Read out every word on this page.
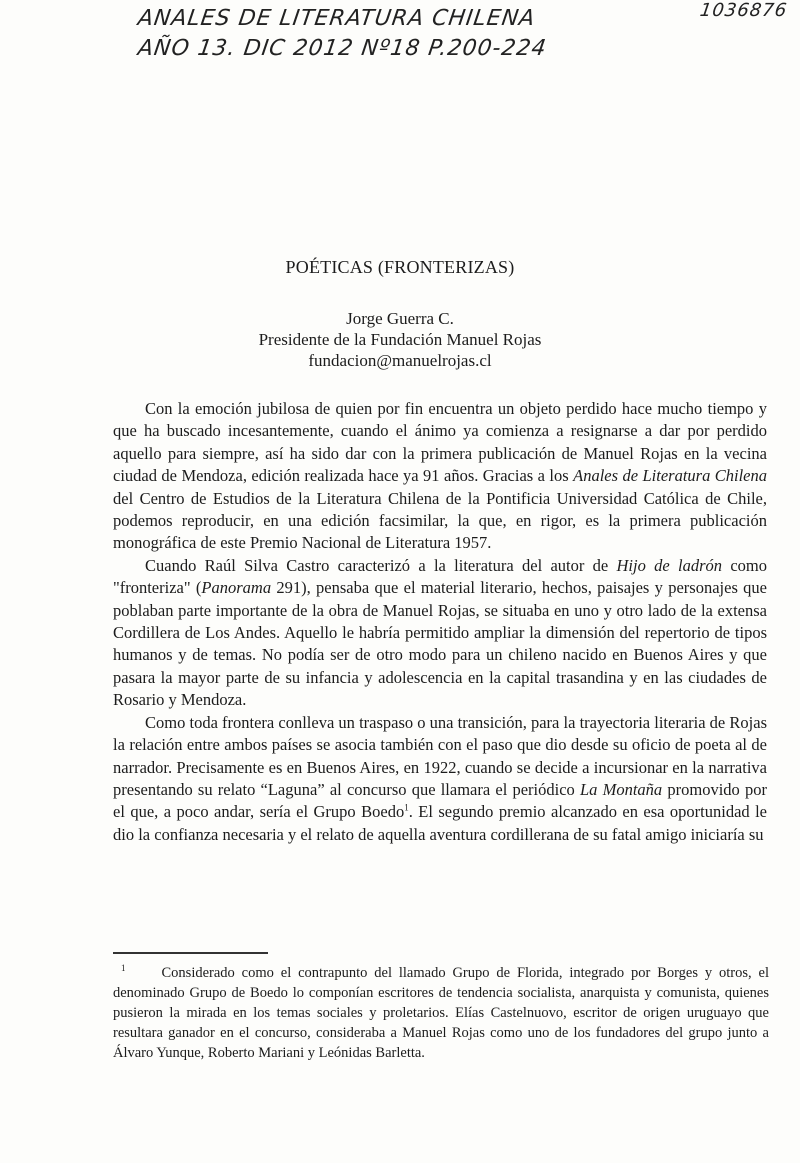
ANALES DE LITERATURA CHILENA
AÑO 13. DIC 2012 Nº18 P.200-224
1036876
POÉTICAS (FRONTERIZAS)
Jorge Guerra C.
Presidente de la Fundación Manuel Rojas
fundacion@manuelrojas.cl

Con la emoción jubilosa de quien por fin encuentra un objeto perdido hace mucho tiempo y que ha buscado incesantemente, cuando el ánimo ya comienza a resignarse a dar por perdido aquello para siempre, así ha sido dar con la primera publicación de Manuel Rojas en la vecina ciudad de Mendoza, edición realizada hace ya 91 años. Gracias a los Anales de Literatura Chilena del Centro de Estudios de la Literatura Chilena de la Pontificia Universidad Católica de Chile, podemos reproducir, en una edición facsimilar, la que, en rigor, es la primera publicación monográfica de este Premio Nacional de Literatura 1957.

Cuando Raúl Silva Castro caracterizó a la literatura del autor de Hijo de ladrón como "fronteriza" (Panorama 291), pensaba que el material literario, hechos, paisajes y personajes que poblaban parte importante de la obra de Manuel Rojas, se situaba en uno y otro lado de la extensa Cordillera de Los Andes. Aquello le habría permitido ampliar la dimensión del repertorio de tipos humanos y de temas. No podía ser de otro modo para un chileno nacido en Buenos Aires y que pasara la mayor parte de su infancia y adolescencia en la capital trasandina y en las ciudades de Rosario y Mendoza.

Como toda frontera conlleva un traspaso o una transición, para la trayectoria literaria de Rojas la relación entre ambos países se asocia también con el paso que dio desde su oficio de poeta al de narrador. Precisamente es en Buenos Aires, en 1922, cuando se decide a incursionar en la narrativa presentando su relato “Laguna” al concurso que llamara el periódico La Montaña promovido por el que, a poco andar, sería el Grupo Boedo$^1$. El segundo premio alcanzado en esa oportunidad le dio la confianza necesaria y el relato de aquella aventura cordillerana de su fatal amigo iniciaría su

$^1$ Considerado como el contrapunto del llamado Grupo de Florida, integrado por Borges y otros, el denominado Grupo de Boedo lo componían escritores de tendencia socialista, anarquista y comunista, quienes pusieron la mirada en los temas sociales y proletarios. Elías Castelnuovo, escritor de origen uruguayo que resultara ganador en el concurso, consideraba a Manuel Rojas como uno de los fundadores del grupo junto a Álvaro Yunque, Roberto Mariani y Leónidas Barletta.
